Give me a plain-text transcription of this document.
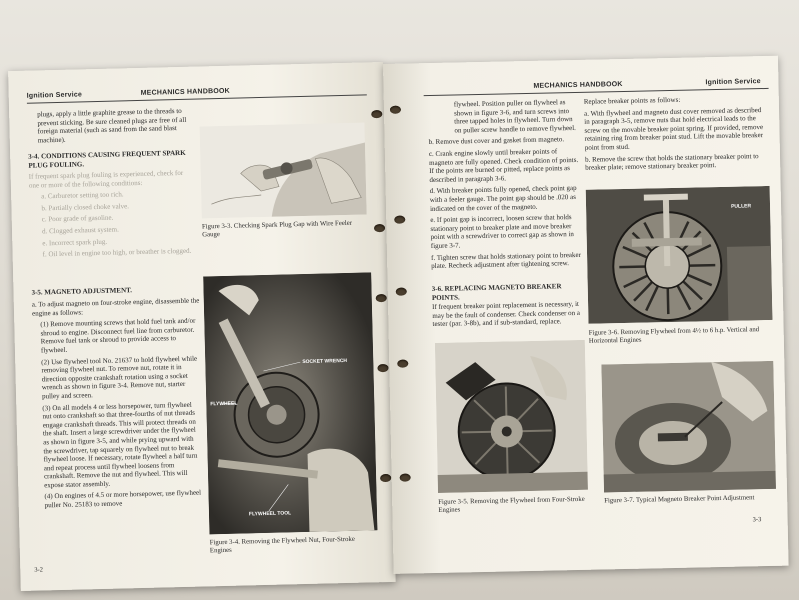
Ignition Service	MECHANICS HANDBOOK
plugs, apply a little graphite grease to the threads to prevent sticking. Be sure cleaned plugs are free of all foreign material (such as sand from the sand blast machine).
3-4. CONDITIONS CAUSING FREQUENT SPARK PLUG FOULING.

If frequent spark plug fouling is experienced, check for one or more of the following conditions:

a. Carburetor setting too rich.

b. Partially closed choke valve.

c. Poor grade of gasoline.

d. Clogged exhaust system.

e. Incorrect spark plug.

f. Oil level in engine too high, or breather is clogged.

Figure 3-3. Checking Spark Plug Gap with Wire Feeler Gauge
3-5. MAGNETO ADJUSTMENT.

a. To adjust magneto on four-stroke engine, disassemble the engine as follows:

(1) Remove mounting screws that hold fuel tank and/or shroud to engine. Disconnect fuel line from carburetor. Remove fuel tank or shroud to provide access to flywheel.

(2) Use flywheel tool No. 21637 to hold flywheel while removing flywheel nut. To remove nut, rotate it in direction opposite crankshaft rotation using a socket wrench as shown in figure 3-4. Remove nut, starter pulley and screen.

(3) On all models 4 or less horsepower, turn flywheel nut onto crankshaft so that three-fourths of nut threads engage crankshaft threads. This will protect threads on the shaft. Insert a large screwdriver under the flywheel as shown in figure 3-5, and while prying upward with the screwdriver, tap squarely on flywheel nut to break flywheel loose. If necessary, rotate flywheel a half turn and repeat process until flywheel loosens from crankshaft. Remove the nut and flywheel. This will expose stator assembly.

(4) On engines of 4.5 or more horsepower, use flywheel puller No. 25183 to remove

SOCKET WRENCH
FLYWHEEL
FLYWHEEL TOOL
Figure 3-4. Removing the Flywheel Nut, Four-Stroke Engines
3-2
MECHANICS HANDBOOK	Ignition Service

flywheel. Position puller on flywheel as shown in figure 3-6, and turn screws into three tapped holes in flywheel. Turn down on puller screw handle to remove flywheel.

b. Remove dust cover and gasket from magneto.

c. Crank engine slowly until breaker points of magneto are fully opened. Check condition of points. If the points are burned or pitted, replace points as described in paragraph 3-6.

d. With breaker points fully opened, check point gap with a feeler gauge. The point gap should be .020 as indicated on the cover of the magneto.

e. If point gap is incorrect, loosen screw that holds stationary point to breaker plate and move breaker point with a screwdriver to correct gap as shown in figure 3-7.

f. Tighten screw that holds stationary point to breaker plate. Recheck adjustment after tightening screw.

3-6. REPLACING MAGNETO BREAKER POINTS.
If frequent breaker point replacement is necessary, it may be the fault of condenser. Check condenser on a tester (par. 3-8b), and if sub-standard, replace.

Replace breaker points as follows:

a. With flywheel and magneto dust cover removed as described in paragraph 3-5, remove nuts that hold electrical leads to the screw on the movable breaker point spring. If provided, remove retaining ring from breaker point stud. Lift the movable breaker point from stud.

b. Remove the screw that holds the stationary breaker point to breaker plate; remove stationary breaker point.

PULLER
Figure 3-6. Removing Flywheel from 4½ to 6 h.p. Vertical and Horizontal Engines
Figure 3-5. Removing the Flywheel from Four-Stroke Engines
Figure 3-7. Typical Magneto Breaker Point Adjustment
3-3
